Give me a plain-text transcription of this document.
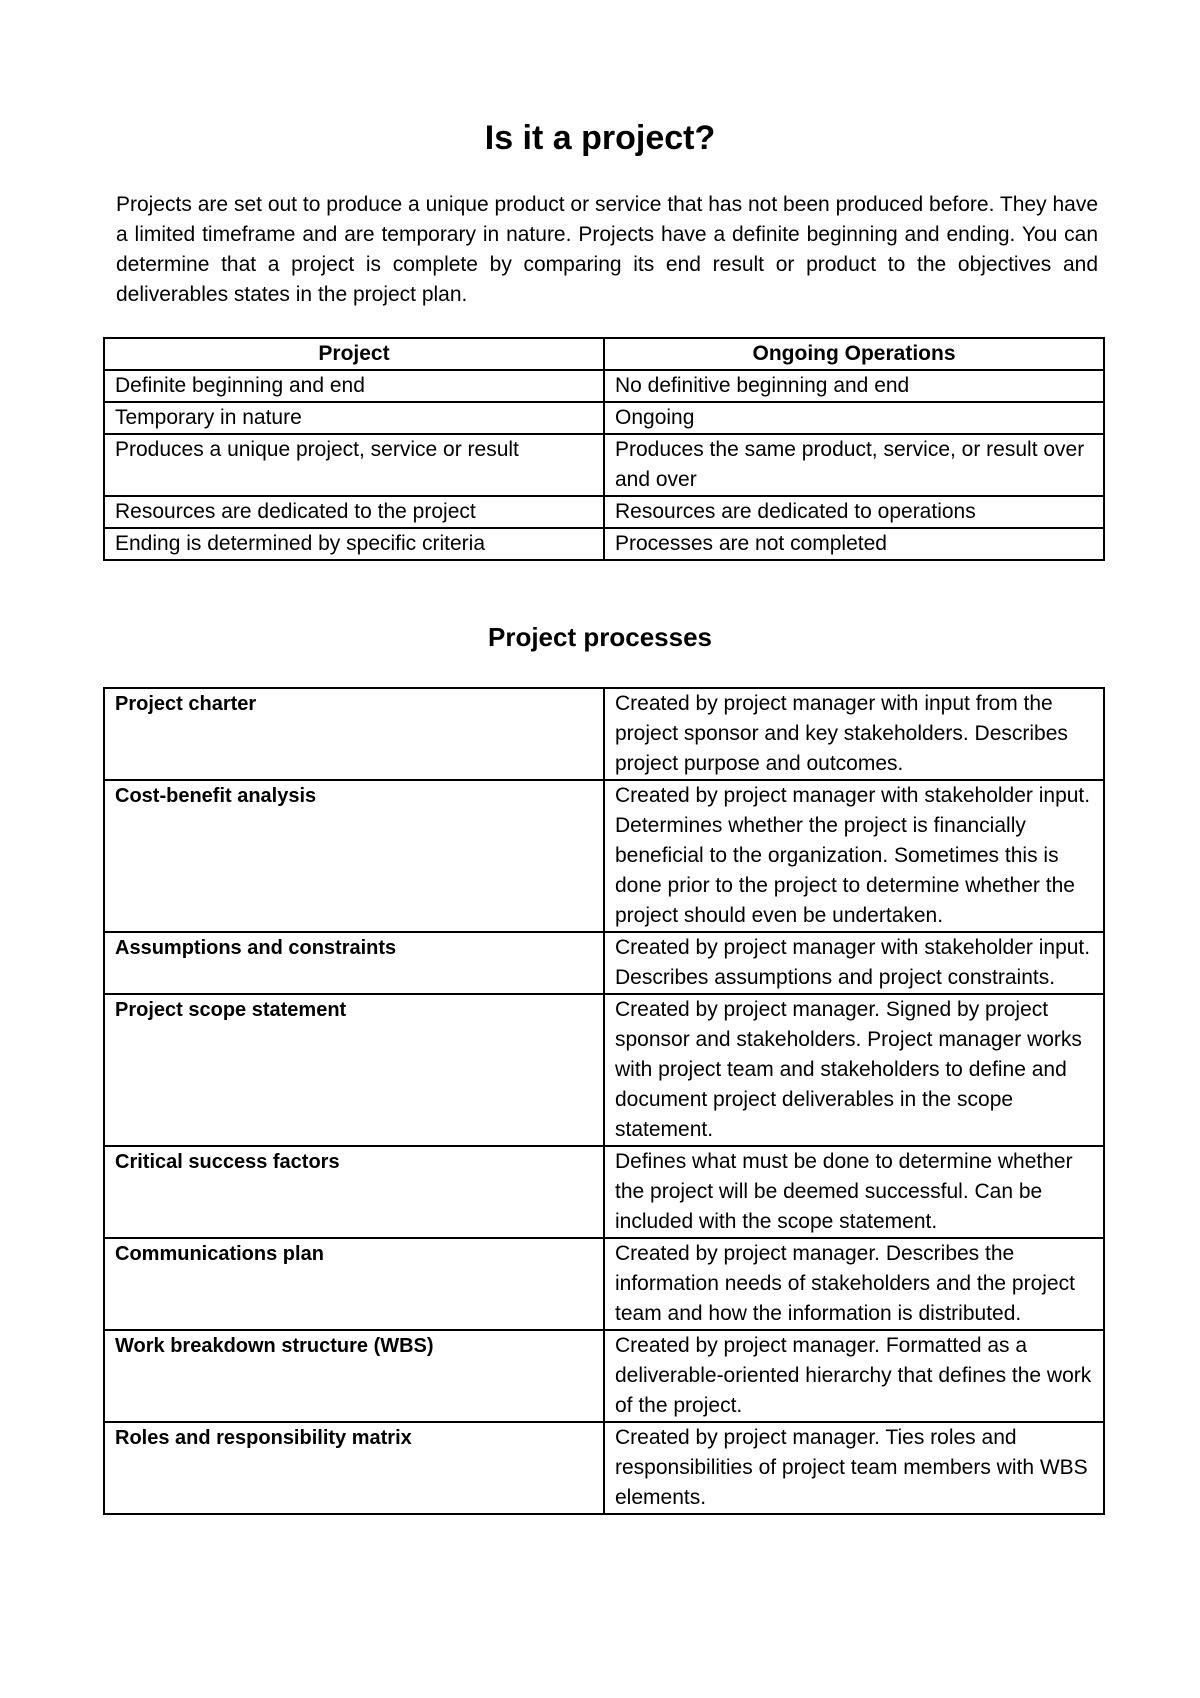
Is it a project?

Projects are set out to produce a unique product or service that has not been produced before. They have a limited timeframe and are temporary in nature. Projects have a definite beginning and ending. You can determine that a project is complete by comparing its end result or product to the objectives and deliverables states in the project plan.

Project	Ongoing Operations
Definite beginning and end	No definitive beginning and end
Temporary in nature	Ongoing
Produces a unique project, service or result	Produces the same product, service, or result over and over
Resources are dedicated to the project	Resources are dedicated to operations
Ending is determined by specific criteria	Processes are not completed
Project processes
Project charter	Created by project manager with input from the project sponsor and key stakeholders. Describes project purpose and outcomes.
Cost-benefit analysis	Created by project manager with stakeholder input. Determines whether the project is financially beneficial to the organization. Sometimes this is done prior to the project to determine whether the project should even be undertaken.
Assumptions and constraints	Created by project manager with stakeholder input. Describes assumptions and project constraints.
Project scope statement	Created by project manager. Signed by project sponsor and stakeholders. Project manager works with project team and stakeholders to define and document project deliverables in the scope statement.
Critical success factors	Defines what must be done to determine whether the project will be deemed successful. Can be included with the scope statement.
Communications plan	Created by project manager. Describes the information needs of stakeholders and the project team and how the information is distributed.
Work breakdown structure (WBS)	Created by project manager. Formatted as a deliverable-oriented hierarchy that defines the work of the project.
Roles and responsibility matrix	Created by project manager. Ties roles and responsibilities of project team members with WBS elements.
